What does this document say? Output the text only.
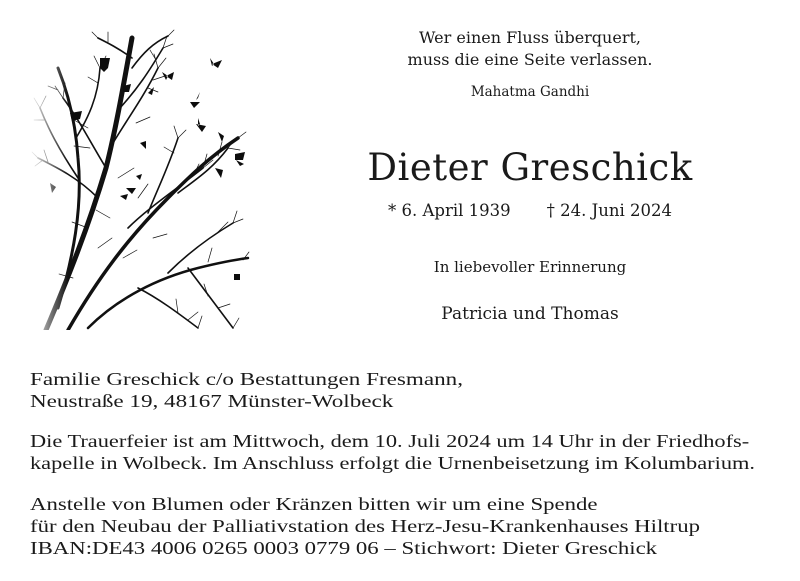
Wer einen Fluss überquert,
muss die eine Seite verlassen.
Mahatma Gandhi
Dieter Greschick
* 6. April 1939 † 24. Juni 2024
In liebevoller Erinnerung
Patricia und Thomas
Familie Greschick c/o Bestattungen Fresmann,
Neustraße 19, 48167 Münster-Wolbeck
Die Trauerfeier ist am Mittwoch, dem 10. Juli 2024 um 14 Uhr in der Friedhofs-
kapelle in Wolbeck. Im Anschluss erfolgt die Urnenbeisetzung im Kolumbarium.
Anstelle von Blumen oder Kränzen bitten wir um eine Spende
für den Neubau der Palliativstation des Herz-Jesu-Krankenhauses Hiltrup
IBAN:DE43 4006 0265 0003 0779 06 – Stichwort: Dieter Greschick
